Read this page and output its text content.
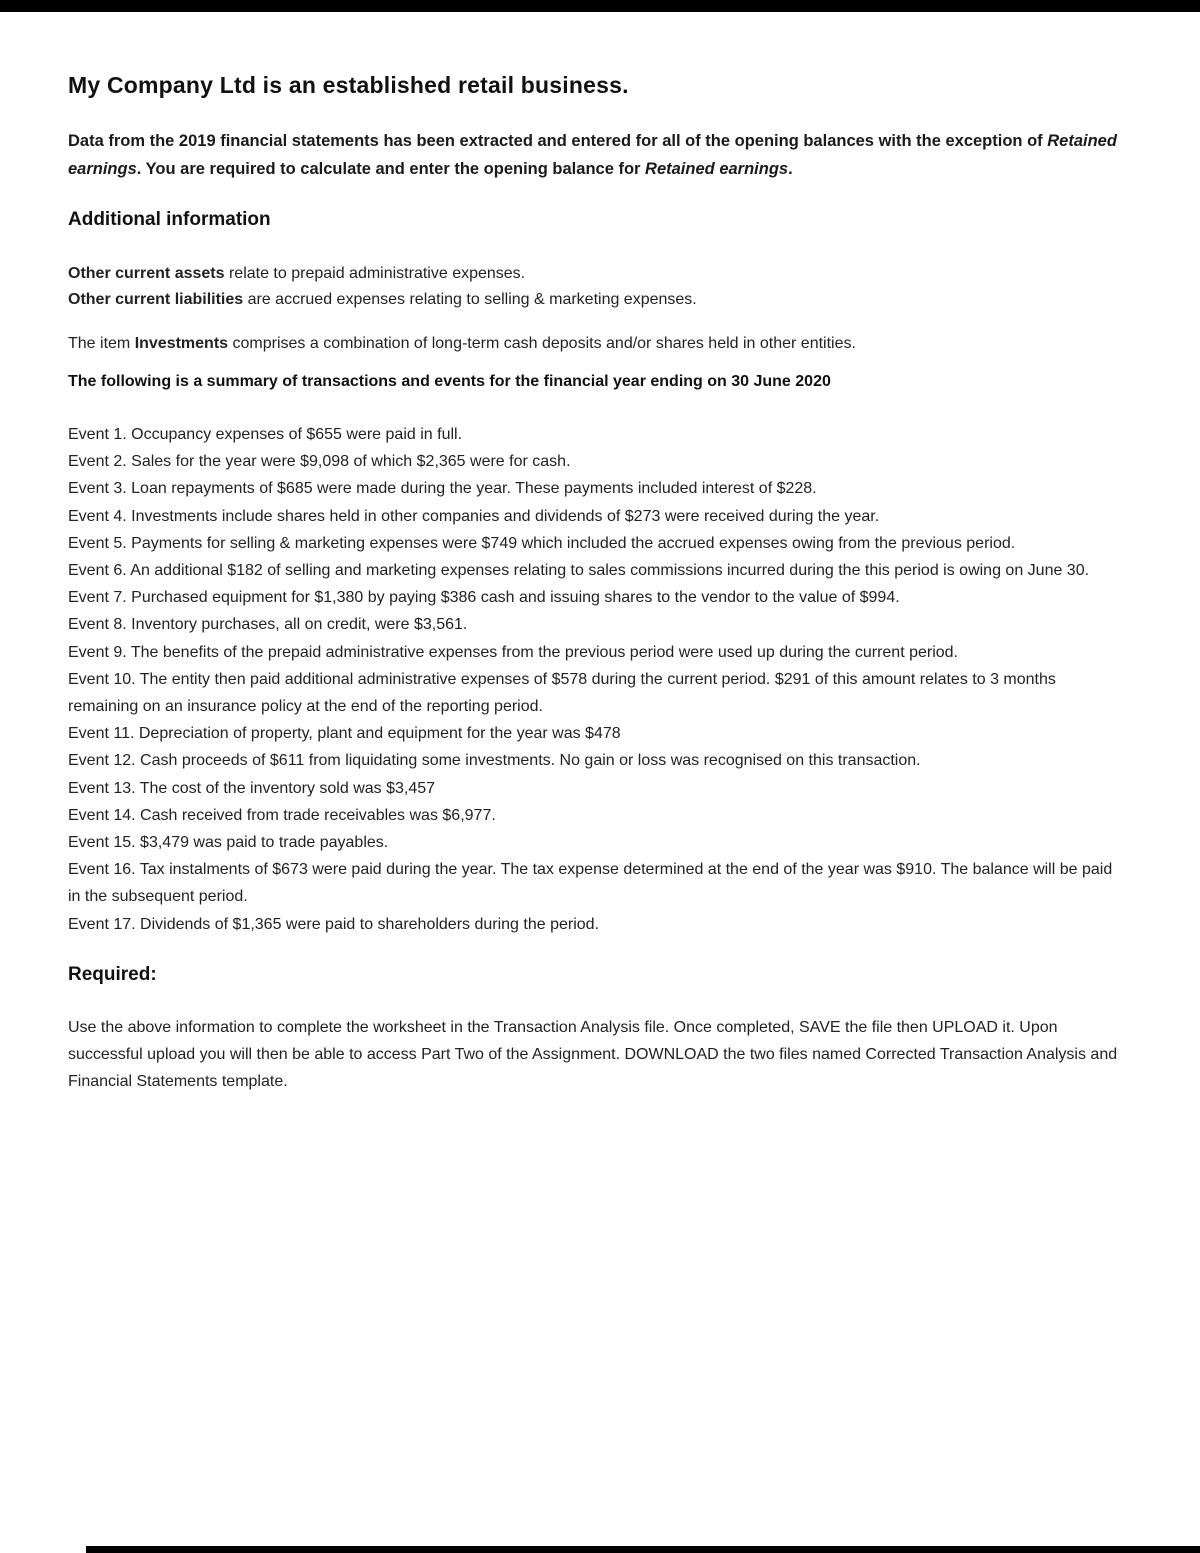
My Company Ltd is an established retail business.

Data from the 2019 financial statements has been extracted and entered for all of the opening balances with the exception of Retained earnings. You are required to calculate and enter the opening balance for Retained earnings.

Additional information

Other current assets relate to prepaid administrative expenses.

Other current liabilities are accrued expenses relating to selling & marketing expenses.

The item Investments comprises a combination of long-term cash deposits and/or shares held in other entities.

The following is a summary of transactions and events for the financial year ending on 30 June 2020

Event 1. Occupancy expenses of $655 were paid in full.

Event 2. Sales for the year were $9,098 of which $2,365 were for cash.

Event 3. Loan repayments of $685 were made during the year. These payments included interest of $228.

Event 4. Investments include shares held in other companies and dividends of $273 were received during the year.

Event 5. Payments for selling & marketing expenses were $749 which included the accrued expenses owing from the previous period.

Event 6. An additional $182 of selling and marketing expenses relating to sales commissions incurred during the this period is owing on June 30.

Event 7. Purchased equipment for $1,380 by paying $386 cash and issuing shares to the vendor to the value of $994.

Event 8. Inventory purchases, all on credit, were $3,561.

Event 9. The benefits of the prepaid administrative expenses from the previous period were used up during the current period.

Event 10. The entity then paid additional administrative expenses of $578 during the current period. $291 of this amount relates to 3 months remaining on an insurance policy at the end of the reporting period.

Event 11. Depreciation of property, plant and equipment for the year was $478

Event 12. Cash proceeds of $611 from liquidating some investments. No gain or loss was recognised on this transaction.

Event 13. The cost of the inventory sold was $3,457

Event 14. Cash received from trade receivables was $6,977.

Event 15. $3,479 was paid to trade payables.

Event 16. Tax instalments of $673 were paid during the year. The tax expense determined at the end of the year was $910. The balance will be paid in the subsequent period.

Event 17. Dividends of $1,365 were paid to shareholders during the period.

Required:

Use the above information to complete the worksheet in the Transaction Analysis file. Once completed, SAVE the file then UPLOAD it. Upon successful upload you will then be able to access Part Two of the Assignment. DOWNLOAD the two files named Corrected Transaction Analysis and Financial Statements template.
